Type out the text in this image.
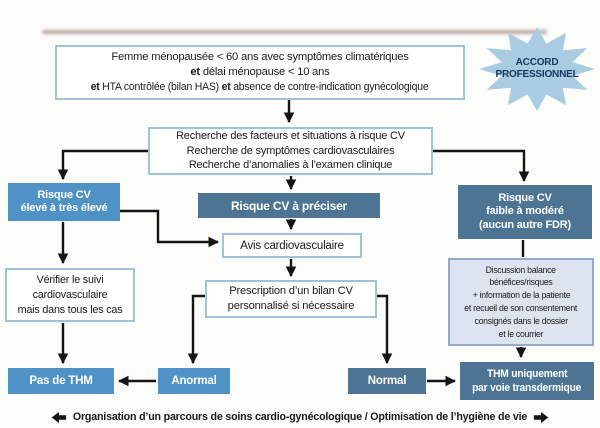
Femme ménopausée < 60 ans avec symptômes climatériques
et délai ménopause < 10 ans
et HTA contrôlée (bilan HAS) et absence de contre-indication gynécologique
ACCORD
PROFESSIONNEL
Recherche des facteurs et situations à risque CV
Recherche de symptômes cardiovasculaires
Recherche d’anomalies à l’examen clinique
Risque CV
élevé à très élevé	Risque CV à préciser
Risque CV
faible à modéré
(aucun autre FDR)
Avis cardiovasculaire
Vérifier le suivi
cardiovasculaire
mais dans tous les cas
Prescription d’un bilan CV
personnalisé si nécessaire
Discussion balance
bénéfices/risques
+ information de la patiente
et recueil de son consentement
consignés dans le dossier
et le courrier
Pas de THM	Anormal	Normal
THM uniquement
par voie transdermique
Organisation d’un parcours de soins cardio-gynécologique / Optimisation de l’hygiène de vie
